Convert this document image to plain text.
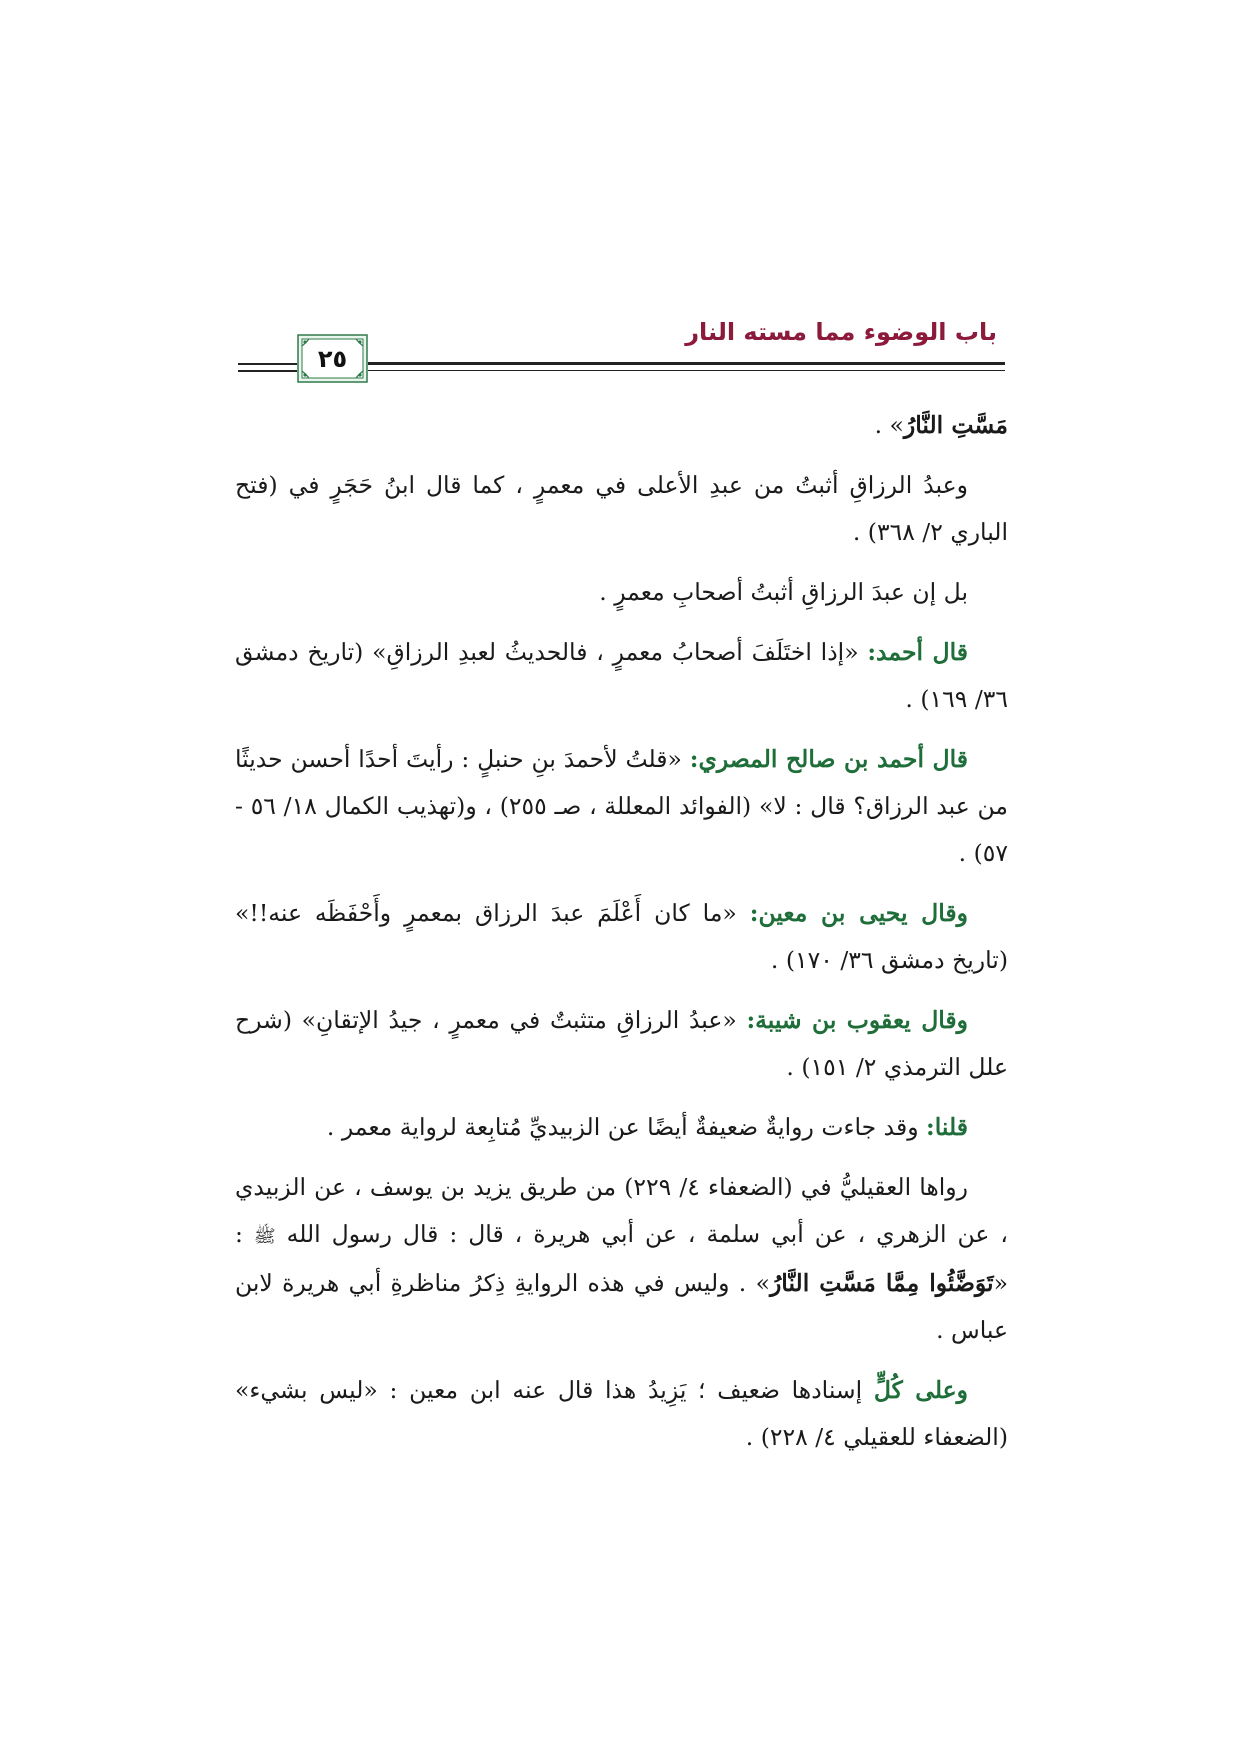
باب الوضوء مما مسته النار
٢٥

مَسَّتِ النَّارُ» .

وعبدُ الرزاقِ أثبتُ من عبدِ الأعلى في معمرٍ ، كما قال ابنُ حَجَرٍ في (فتح الباري ٢/ ٣٦٨) .

بل إن عبدَ الرزاقِ أثبتُ أصحابِ معمرٍ .

قال أحمد: «إذا اختَلَفَ أصحابُ معمرٍ ، فالحديثُ لعبدِ الرزاقِ» (تاريخ دمشق ٣٦/ ١٦٩) .

قال أحمد بن صالح المصري: «قلتُ لأحمدَ بنِ حنبلٍ : رأيتَ أحدًا أحسن حديثًا من عبد الرزاق؟ قال : لا» (الفوائد المعللة ، صـ ٢٥٥) ، و(تهذيب الكمال ١٨/ ٥٦ - ٥٧) .

وقال يحيى بن معين: «ما كان أَعْلَمَ عبدَ الرزاق بمعمرٍ وأَحْفَظَه عنه!!» (تاريخ دمشق ٣٦/ ١٧٠) .

وقال يعقوب بن شيبة: «عبدُ الرزاقِ متثبتٌ في معمرٍ ، جيدُ الإتقانِ» (شرح علل الترمذي ٢/ ١٥١) .

قلنا: وقد جاءت روايةٌ ضعيفةٌ أيضًا عن الزبيديِّ مُتابِعة لرواية معمر .

رواها العقيليُّ في (الضعفاء ٤/ ٢٢٩) من طريق يزيد بن يوسف ، عن الزبيدي ، عن الزهري ، عن أبي سلمة ، عن أبي هريرة ، قال : قال رسول الله ﷺ : «تَوَضَّئُوا مِمَّا مَسَّتِ النَّارُ» . وليس في هذه الروايةِ ذِكرُ مناظرةِ أبي هريرة لابن عباس .

وعلى كُلٍّ إسنادها ضعيف ؛ يَزِيدُ هذا قال عنه ابن معين : «ليس بشيء» (الضعفاء للعقيلي ٤/ ٢٢٨) .
